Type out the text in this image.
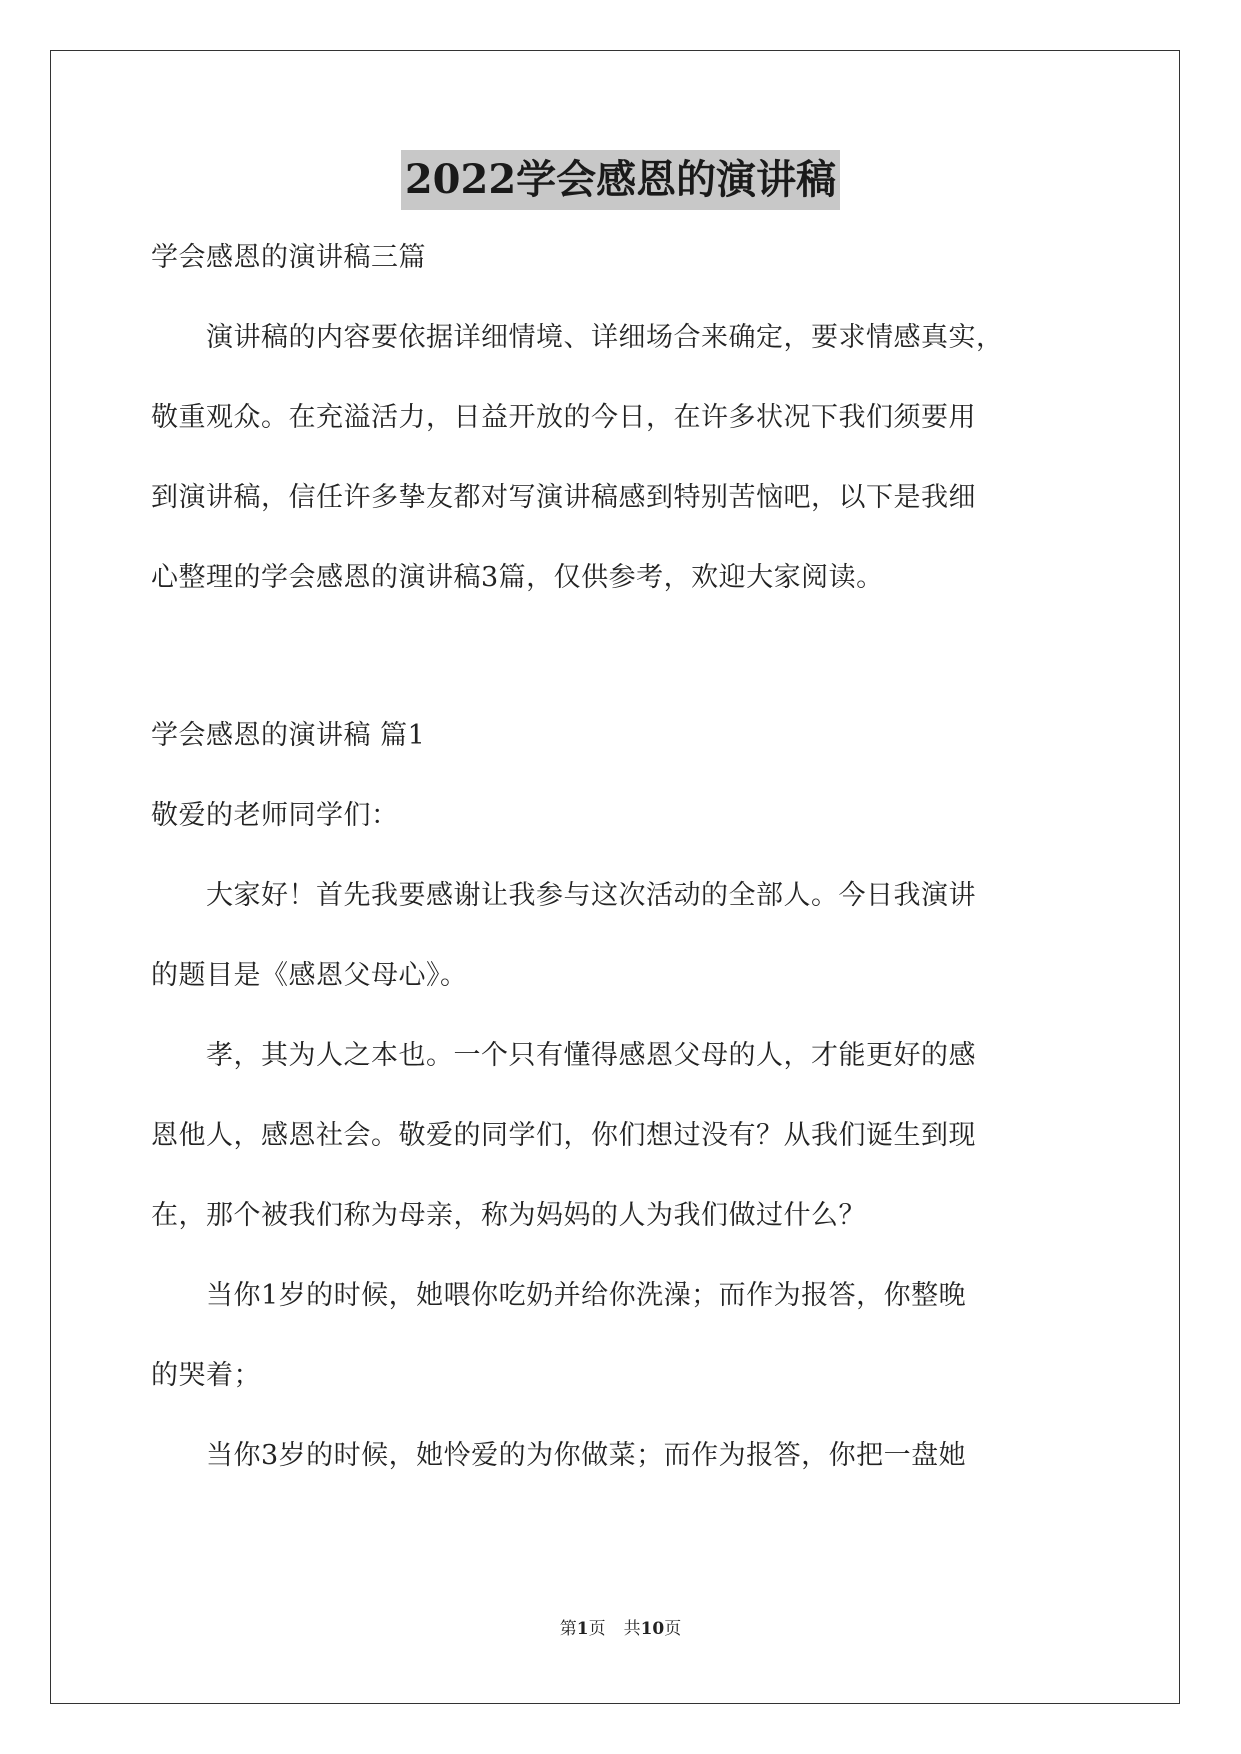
2022学会感恩的演讲稿
学会感恩的演讲稿三篇
　　演讲稿的内容要依据详细情境、详细场合来确定，要求情感真实，
敬重观众。在充溢活力，日益开放的今日，在许多状况下我们须要用
到演讲稿，信任许多挚友都对写演讲稿感到特别苦恼吧，以下是我细
心整理的学会感恩的演讲稿3篇，仅供参考，欢迎大家阅读。
学会感恩的演讲稿 篇1
敬爱的老师同学们：
　　大家好！首先我要感谢让我参与这次活动的全部人。今日我演讲
的题目是《感恩父母心》。
　　孝，其为人之本也。一个只有懂得感恩父母的人，才能更好的感
恩他人，感恩社会。敬爱的同学们，你们想过没有？从我们诞生到现
在，那个被我们称为母亲，称为妈妈的人为我们做过什么？
　　当你1岁的时候，她喂你吃奶并给你洗澡；而作为报答，你整晚
的哭着；
　　当你3岁的时候，她怜爱的为你做菜；而作为报答，你把一盘她
第1页 共10页
